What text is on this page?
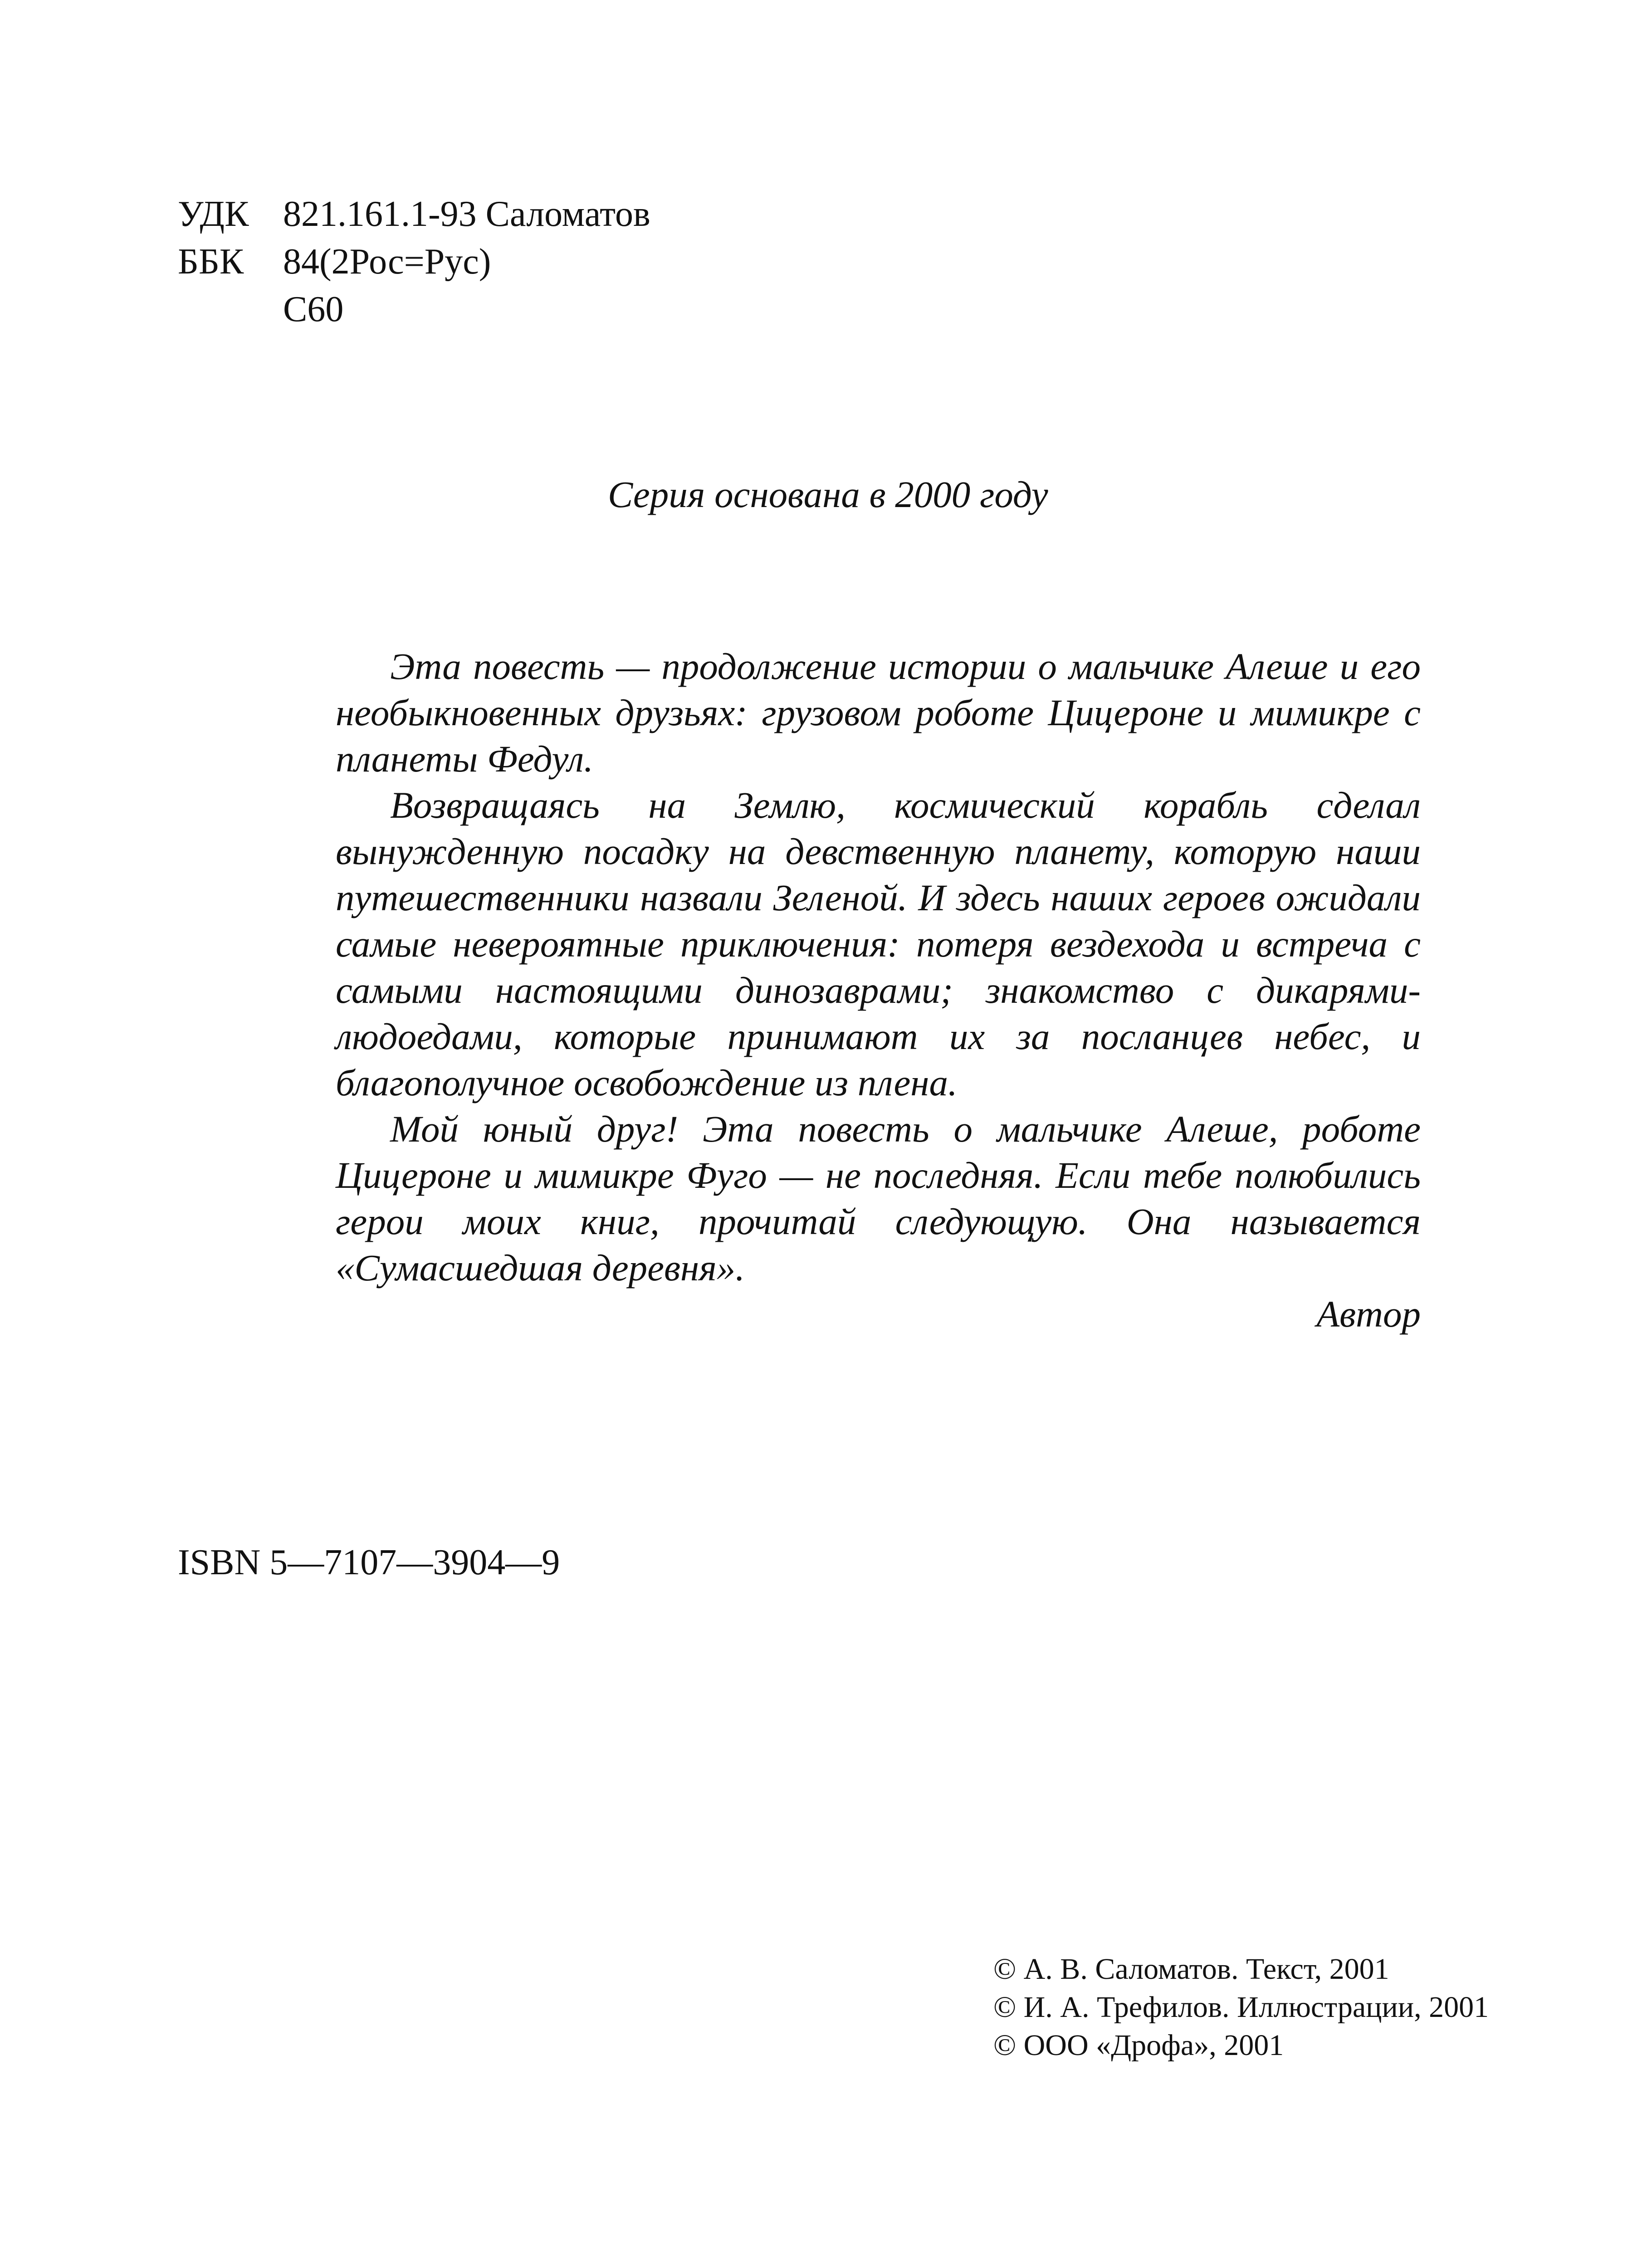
УДК 821.161.1-93 Саломатов
ББК	84(2Рос=Рус)
С60
Серия основана в 2000 году

Эта повесть — продолжение истории о мальчике Алеше и его необыкновенных друзьях: грузовом роботе Цицероне и мимикре с планеты Федул.

Возвращаясь на Землю, космический корабль сделал вынужденную посадку на девственную планету, которую наши путешественники назвали Зеленой. И здесь наших героев ожидали самые невероятные приключения: потеря вездехода и встреча с самыми настоящими динозаврами; знакомство с дикарями-людоедами, которые принимают их за посланцев небес, и благополучное освобождение из плена.

Мой юный друг! Эта повесть о мальчике Алеше, роботе Цицероне и мимикре Фуго — не последняя. Если тебе полюбились герои моих книг, прочитай следующую. Она называется «Сумасшедшая деревня».

Автор

ISBN 5—7107—3904—9
© А. В. Саломатов. Текст, 2001
© И. А. Трефилов. Иллюстрации, 2001
© ООО «Дрофа», 2001
